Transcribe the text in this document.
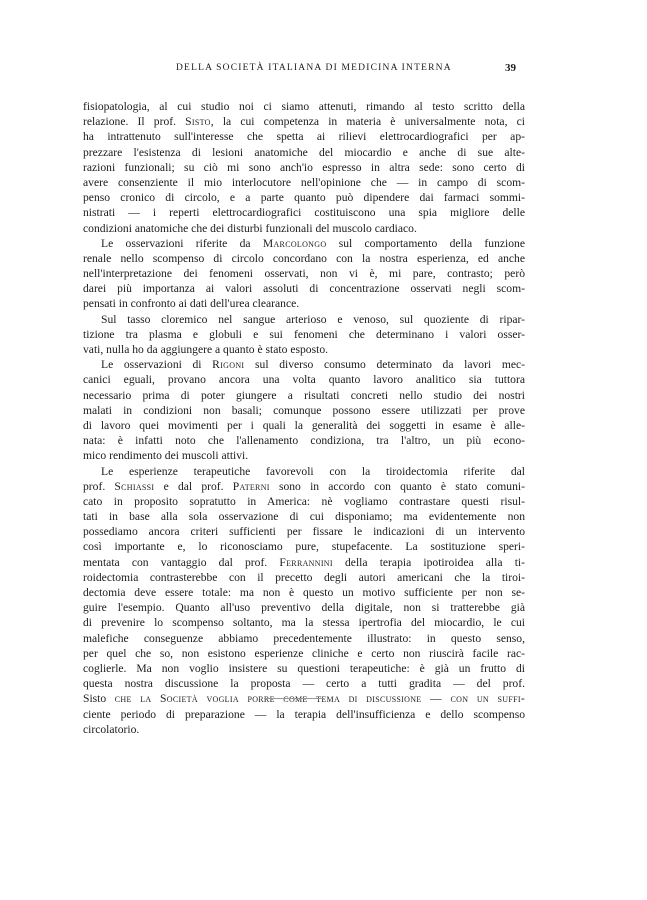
DELLA SOCIETÀ ITALIANA DI MEDICINA INTERNA	39
fisiopatologia, al cui studio noi ci siamo attenuti, rimando al testo scritto della
relazione. Il prof. Sisto, la cui competenza in materia è universalmente nota, ci
ha intrattenuto sull'interesse che spetta ai rilievi elettrocardiografici per ap-
prezzare l'esistenza di lesioni anatomiche del miocardio e anche di sue alte-
razioni funzionali; su ciò mi sono anch'io espresso in altra sede: sono certo di
avere consenziente il mio interlocutore nell'opinione che — in campo di scom-
penso cronico di circolo, e a parte quanto può dipendere dai farmaci sommi-
nistrati — i reperti elettrocardiografici costituiscono una spia migliore delle
condizioni anatomiche che dei disturbi funzionali del muscolo cardiaco.
Le osservazioni riferite da Marcolongo sul comportamento della funzione
renale nello scompenso di circolo concordano con la nostra esperienza, ed anche
nell'interpretazione dei fenomeni osservati, non vi è, mi pare, contrasto; però
darei più importanza ai valori assoluti di concentrazione osservati negli scom-
pensati in confronto ai dati dell'urea clearance.
Sul tasso cloremico nel sangue arterioso e venoso, sul quoziente di ripar-
tizione tra plasma e globuli e sui fenomeni che determinano i valori osser-
vati, nulla ho da aggiungere a quanto è stato esposto.
Le osservazioni di Rigoni sul diverso consumo determinato da lavori mec-
canici eguali, provano ancora una volta quanto lavoro analitico sia tuttora
necessario prima di poter giungere a risultati concreti nello studio dei nostri
malati in condizioni non basali; comunque possono essere utilizzati per prove
di lavoro quei movimenti per i quali la generalità dei soggetti in esame è alle-
nata: è infatti noto che l'allenamento condiziona, tra l'altro, un più econo-
mico rendimento dei muscoli attivi.
Le esperienze terapeutiche favorevoli con la tiroidectomia riferite dal
prof. Schiassi e dal prof. Paterni sono in accordo con quanto è stato comuni-
cato in proposito sopratutto in America: nè vogliamo contrastare questi risul-
tati in base alla sola osservazione di cui disponiamo; ma evidentemente non
possediamo ancora criteri sufficienti per fissare le indicazioni di un intervento
così importante e, lo riconosciamo pure, stupefacente. La sostituzione speri-
mentata con vantaggio dal prof. Ferrannini della terapia ipotiroidea alla ti-
roidectomia contrasterebbe con il precetto degli autori americani che la tiroi-
dectomia deve essere totale: ma non è questo un motivo sufficiente per non se-
guire l'esempio. Quanto all'uso preventivo della digitale, non si tratterebbe già
di prevenire lo scompenso soltanto, ma la stessa ipertrofia del miocardio, le cui
malefiche conseguenze abbiamo precedentemente illustrato: in questo senso,
per quel che so, non esistono esperienze cliniche e certo non riuscirà facile rac-
coglierle. Ma non voglio insistere su questioni terapeutiche: è già un frutto di
questa nostra discussione la proposta — certo a tutti gradita — del prof.
Sisto che la Società voglia porre come tema di discussione — con un suffi-
ciente periodo di preparazione — la terapia dell'insufficienza e dello scompenso
circolatorio.
